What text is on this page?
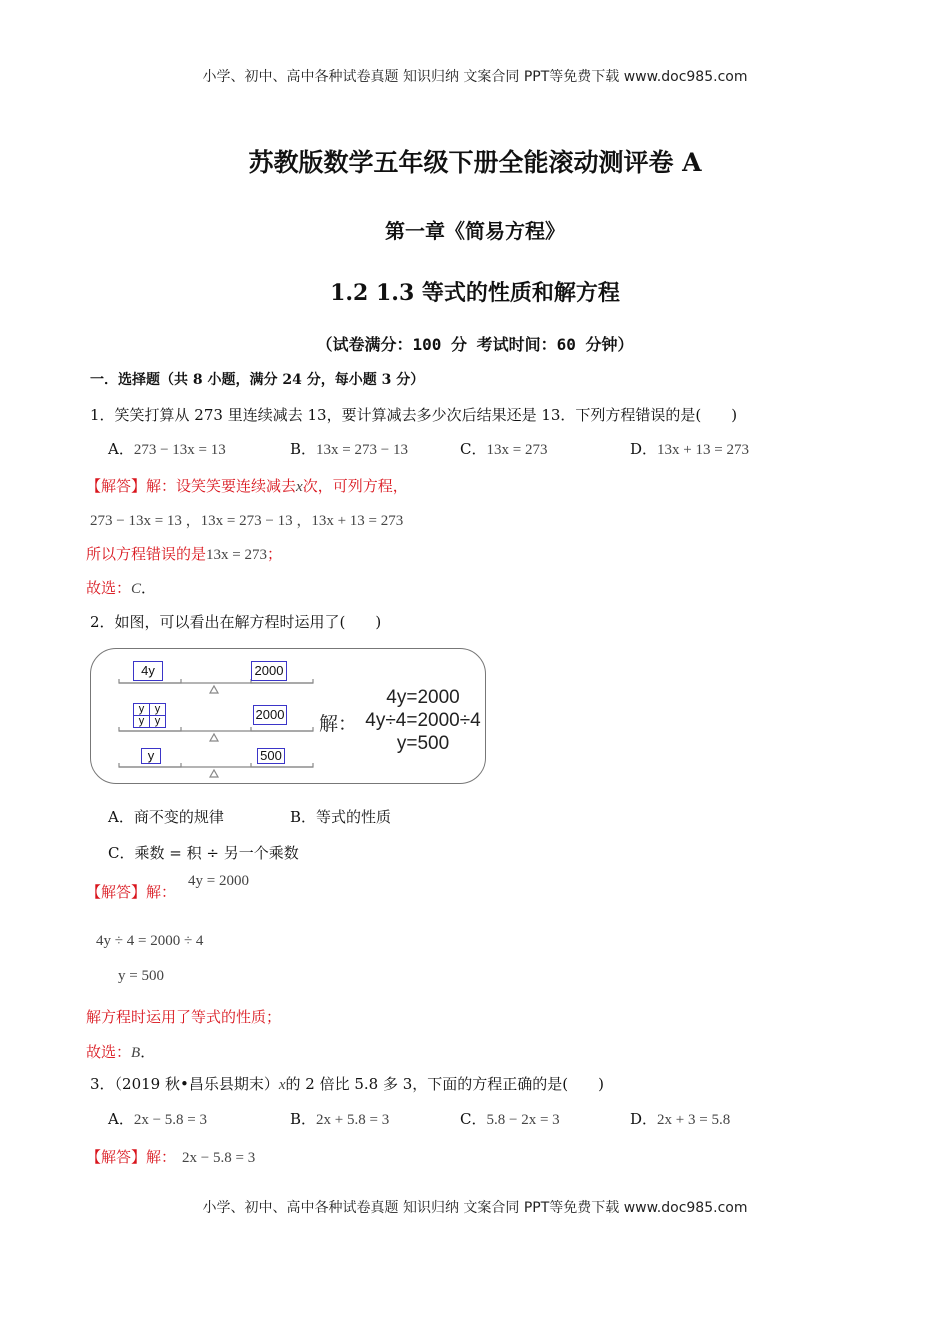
小学、初中、高中各种试卷真题 知识归纳 文案合同 PPT等免费下载 www.doc985.com
苏教版数学五年级下册全能滚动测评卷 A
第一章《简易方程》
1.2 1.3 等式的性质和解方程
（试卷满分：100 分 考试时间：60 分钟）
一．选择题（共 8 小题，满分 24 分，每小题 3 分）
1．笑笑打算从 273 里连续减去 13，要计算减去多少次后结果还是 13．下列方程错误的是(　　)
A．273 − 13x = 13	B．13x = 273 − 13	C．13x = 273	D．13x + 13 = 273
【解答】解：设笑笑要连续减去x次，可列方程，
273 − 13x = 13 ，13x = 273 − 13 ，13x + 13 = 273
所以方程错误的是13x = 273；
故选：C．
2．如图，可以看出在解方程时运用了(　　)
4y	2000
y y
y y	2000
y	500
解：
4y=2000
4y÷4=2000÷4
y=500
A．商不变的规律	B．等式的性质
C．乘数 = 积 ÷ 另一个乘数
【解答】解：
4y = 2000
4y ÷ 4 = 2000 ÷ 4
y = 500
解方程时运用了等式的性质；
故选：B．
3．（2019 秋•昌乐县期末）x的 2 倍比 5.8 多 3，下面的方程正确的是(　　)
A．2x − 5.8 = 3	B．2x + 5.8 = 3	C．5.8 − 2x = 3	D．2x + 3 = 5.8
【解答】解： 2x − 5.8 = 3
小学、初中、高中各种试卷真题 知识归纳 文案合同 PPT等免费下载 www.doc985.com
